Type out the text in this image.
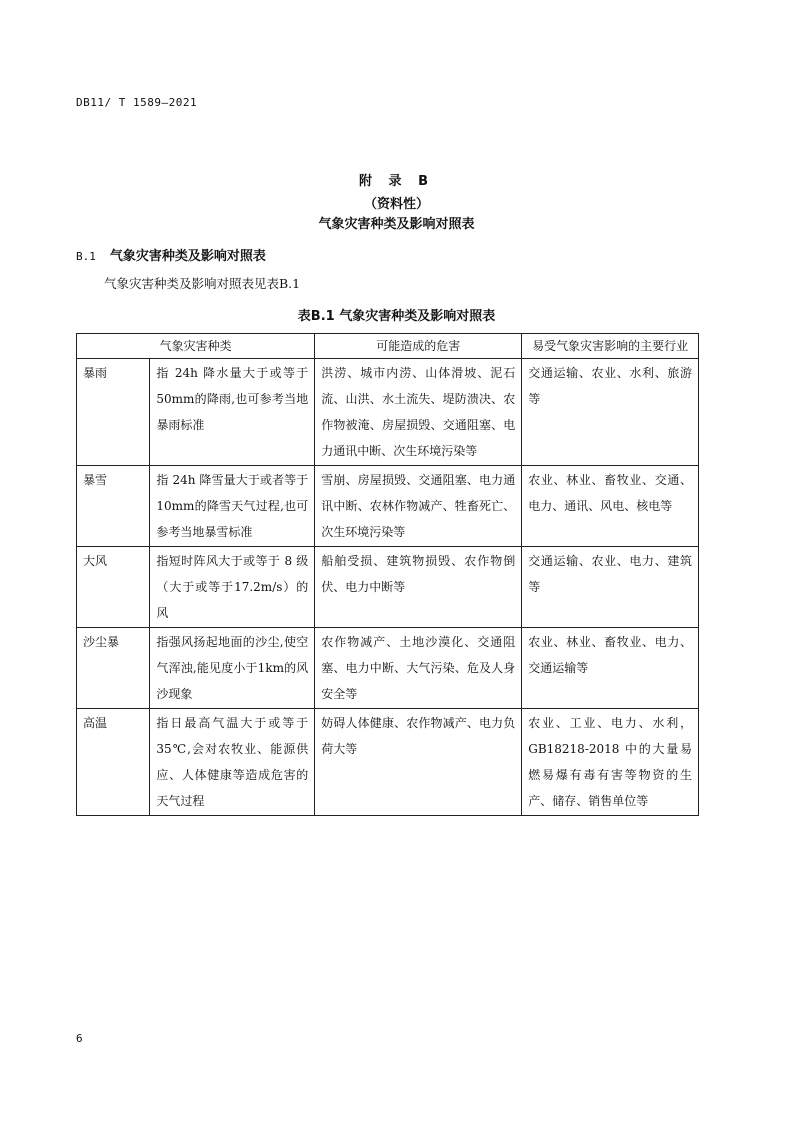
DB11/ T 1589—2021
附 录 B
（资料性）
气象灾害种类及影响对照表
B.1 气象灾害种类及影响对照表
气象灾害种类及影响对照表见表B.1
表B.1 气象灾害种类及影响对照表
气象灾害种类		可能造成的危害	易受气象灾害影响的主要行业
暴雨	指 24h 降水量大于或等于 50mm的降雨,也可参考当地暴雨标准	洪涝、城市内涝、山体滑坡、泥石流、山洪、水土流失、堤防溃决、农作物被淹、房屋损毁、交通阻塞、电力通讯中断、次生环境污染等	交通运输、农业、水利、旅游等
暴雪	指 24h 降雪量大于或者等于 10mm的降雪天气过程,也可参考当地暴雪标准	雪崩、房屋损毁、交通阻塞、电力通讯中断、农林作物减产、牲畜死亡、次生环境污染等	农业、林业、畜牧业、交通、电力、通讯、风电、核电等
大风	指短时阵风大于或等于 8 级（大于或等于17.2m/s）的风	船舶受损、建筑物损毁、农作物倒伏、电力中断等	交通运输、农业、电力、建筑等
沙尘暴	指强风扬起地面的沙尘,使空气浑浊,能见度小于1km的风沙现象	农作物减产、土地沙漠化、交通阻塞、电力中断、大气污染、危及人身安全等	农业、林业、畜牧业、电力、交通运输等
高温	指日最高气温大于或等于 35℃,会对农牧业、能源供应、人体健康等造成危害的天气过程	妨碍人体健康、农作物减产、电力负荷大等	农业、工业、电力、水利，GB18218-2018 中的大量易燃易爆有毒有害等物资的生产、储存、销售单位等
6
